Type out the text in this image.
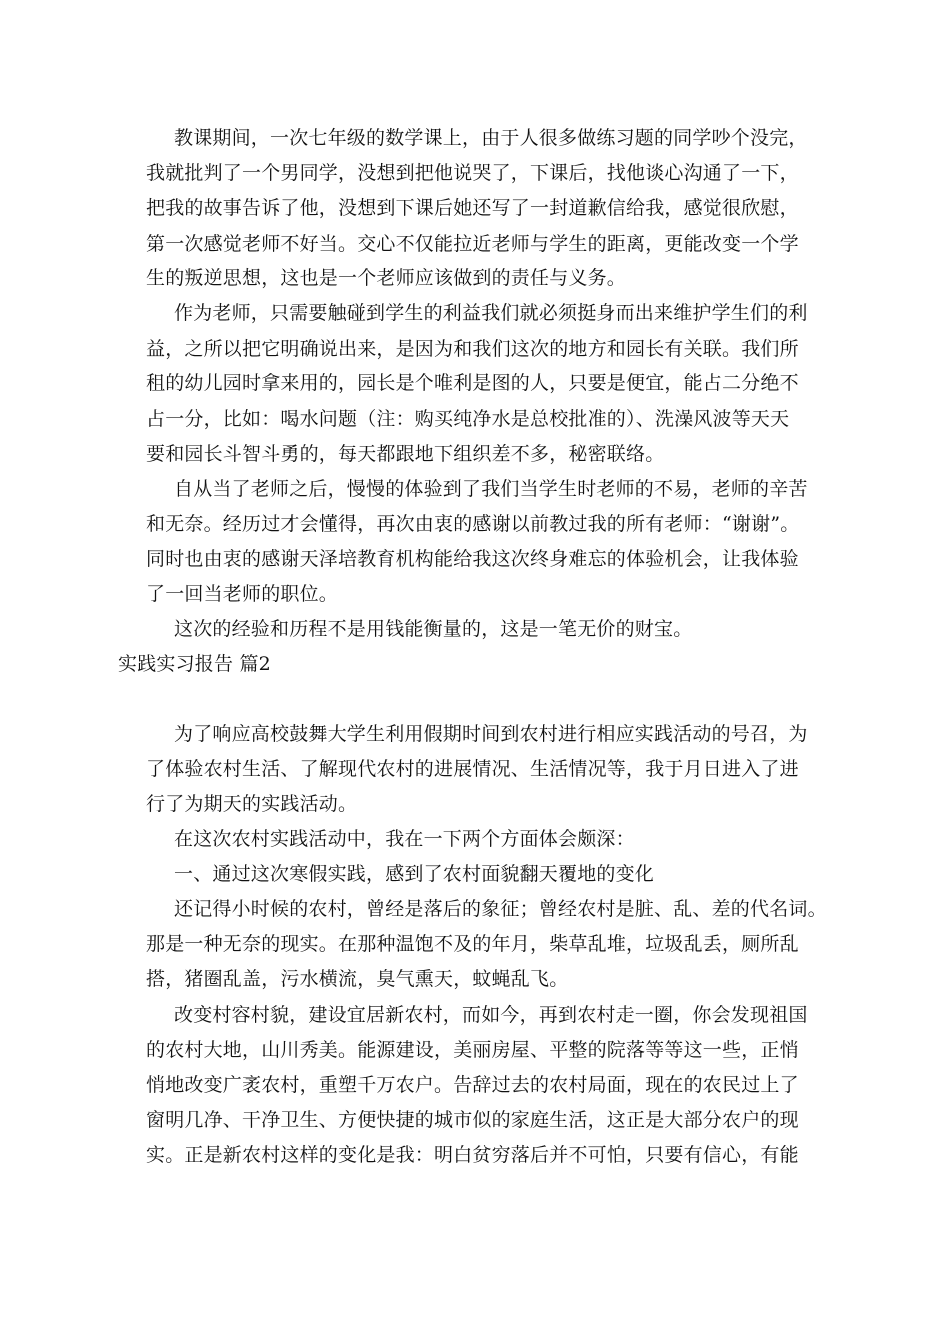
教课期间，一次七年级的数学课上，由于人很多做练习题的同学吵个没完，
我就批判了一个男同学，没想到把他说哭了，下课后，找他谈心沟通了一下，
把我的故事告诉了他，没想到下课后她还写了一封道歉信给我，感觉很欣慰，
第一次感觉老师不好当。交心不仅能拉近老师与学生的距离，更能改变一个学
生的叛逆思想，这也是一个老师应该做到的责任与义务。
作为老师，只需要触碰到学生的利益我们就必须挺身而出来维护学生们的利
益，之所以把它明确说出来，是因为和我们这次的地方和园长有关联。我们所
租的幼儿园时拿来用的，园长是个唯利是图的人，只要是便宜，能占二分绝不
占一分，比如：喝水问题（注：购买纯净水是总校批准的）、洗澡风波等天天
要和园长斗智斗勇的，每天都跟地下组织差不多，秘密联络。
自从当了老师之后，慢慢的体验到了我们当学生时老师的不易，老师的辛苦
和无奈。经历过才会懂得，再次由衷的感谢以前教过我的所有老师：“谢谢”。
同时也由衷的感谢天泽培教育机构能给我这次终身难忘的体验机会，让我体验
了一回当老师的职位。
这次的经验和历程不是用钱能衡量的，这是一笔无价的财宝。
实践实习报告 篇2
为了响应高校鼓舞大学生利用假期时间到农村进行相应实践活动的号召，为
了体验农村生活、了解现代农村的进展情况、生活情况等，我于月日进入了进
行了为期天的实践活动。
在这次农村实践活动中，我在一下两个方面体会颇深：
一、通过这次寒假实践，感到了农村面貌翻天覆地的变化
还记得小时候的农村，曾经是落后的象征；曾经农村是脏、乱、差的代名词。
那是一种无奈的现实。在那种温饱不及的年月，柴草乱堆，垃圾乱丢，厕所乱
搭，猪圈乱盖，污水横流，臭气熏天，蚊蝇乱飞。
改变村容村貌，建设宜居新农村，而如今，再到农村走一圈，你会发现祖国
的农村大地，山川秀美。能源建设，美丽房屋、平整的院落等等这一些，正悄
悄地改变广袤农村，重塑千万农户。告辞过去的农村局面，现在的农民过上了
窗明几净、干净卫生、方便快捷的城市似的家庭生活，这正是大部分农户的现
实。正是新农村这样的变化是我：明白贫穷落后并不可怕，只要有信心，有能
